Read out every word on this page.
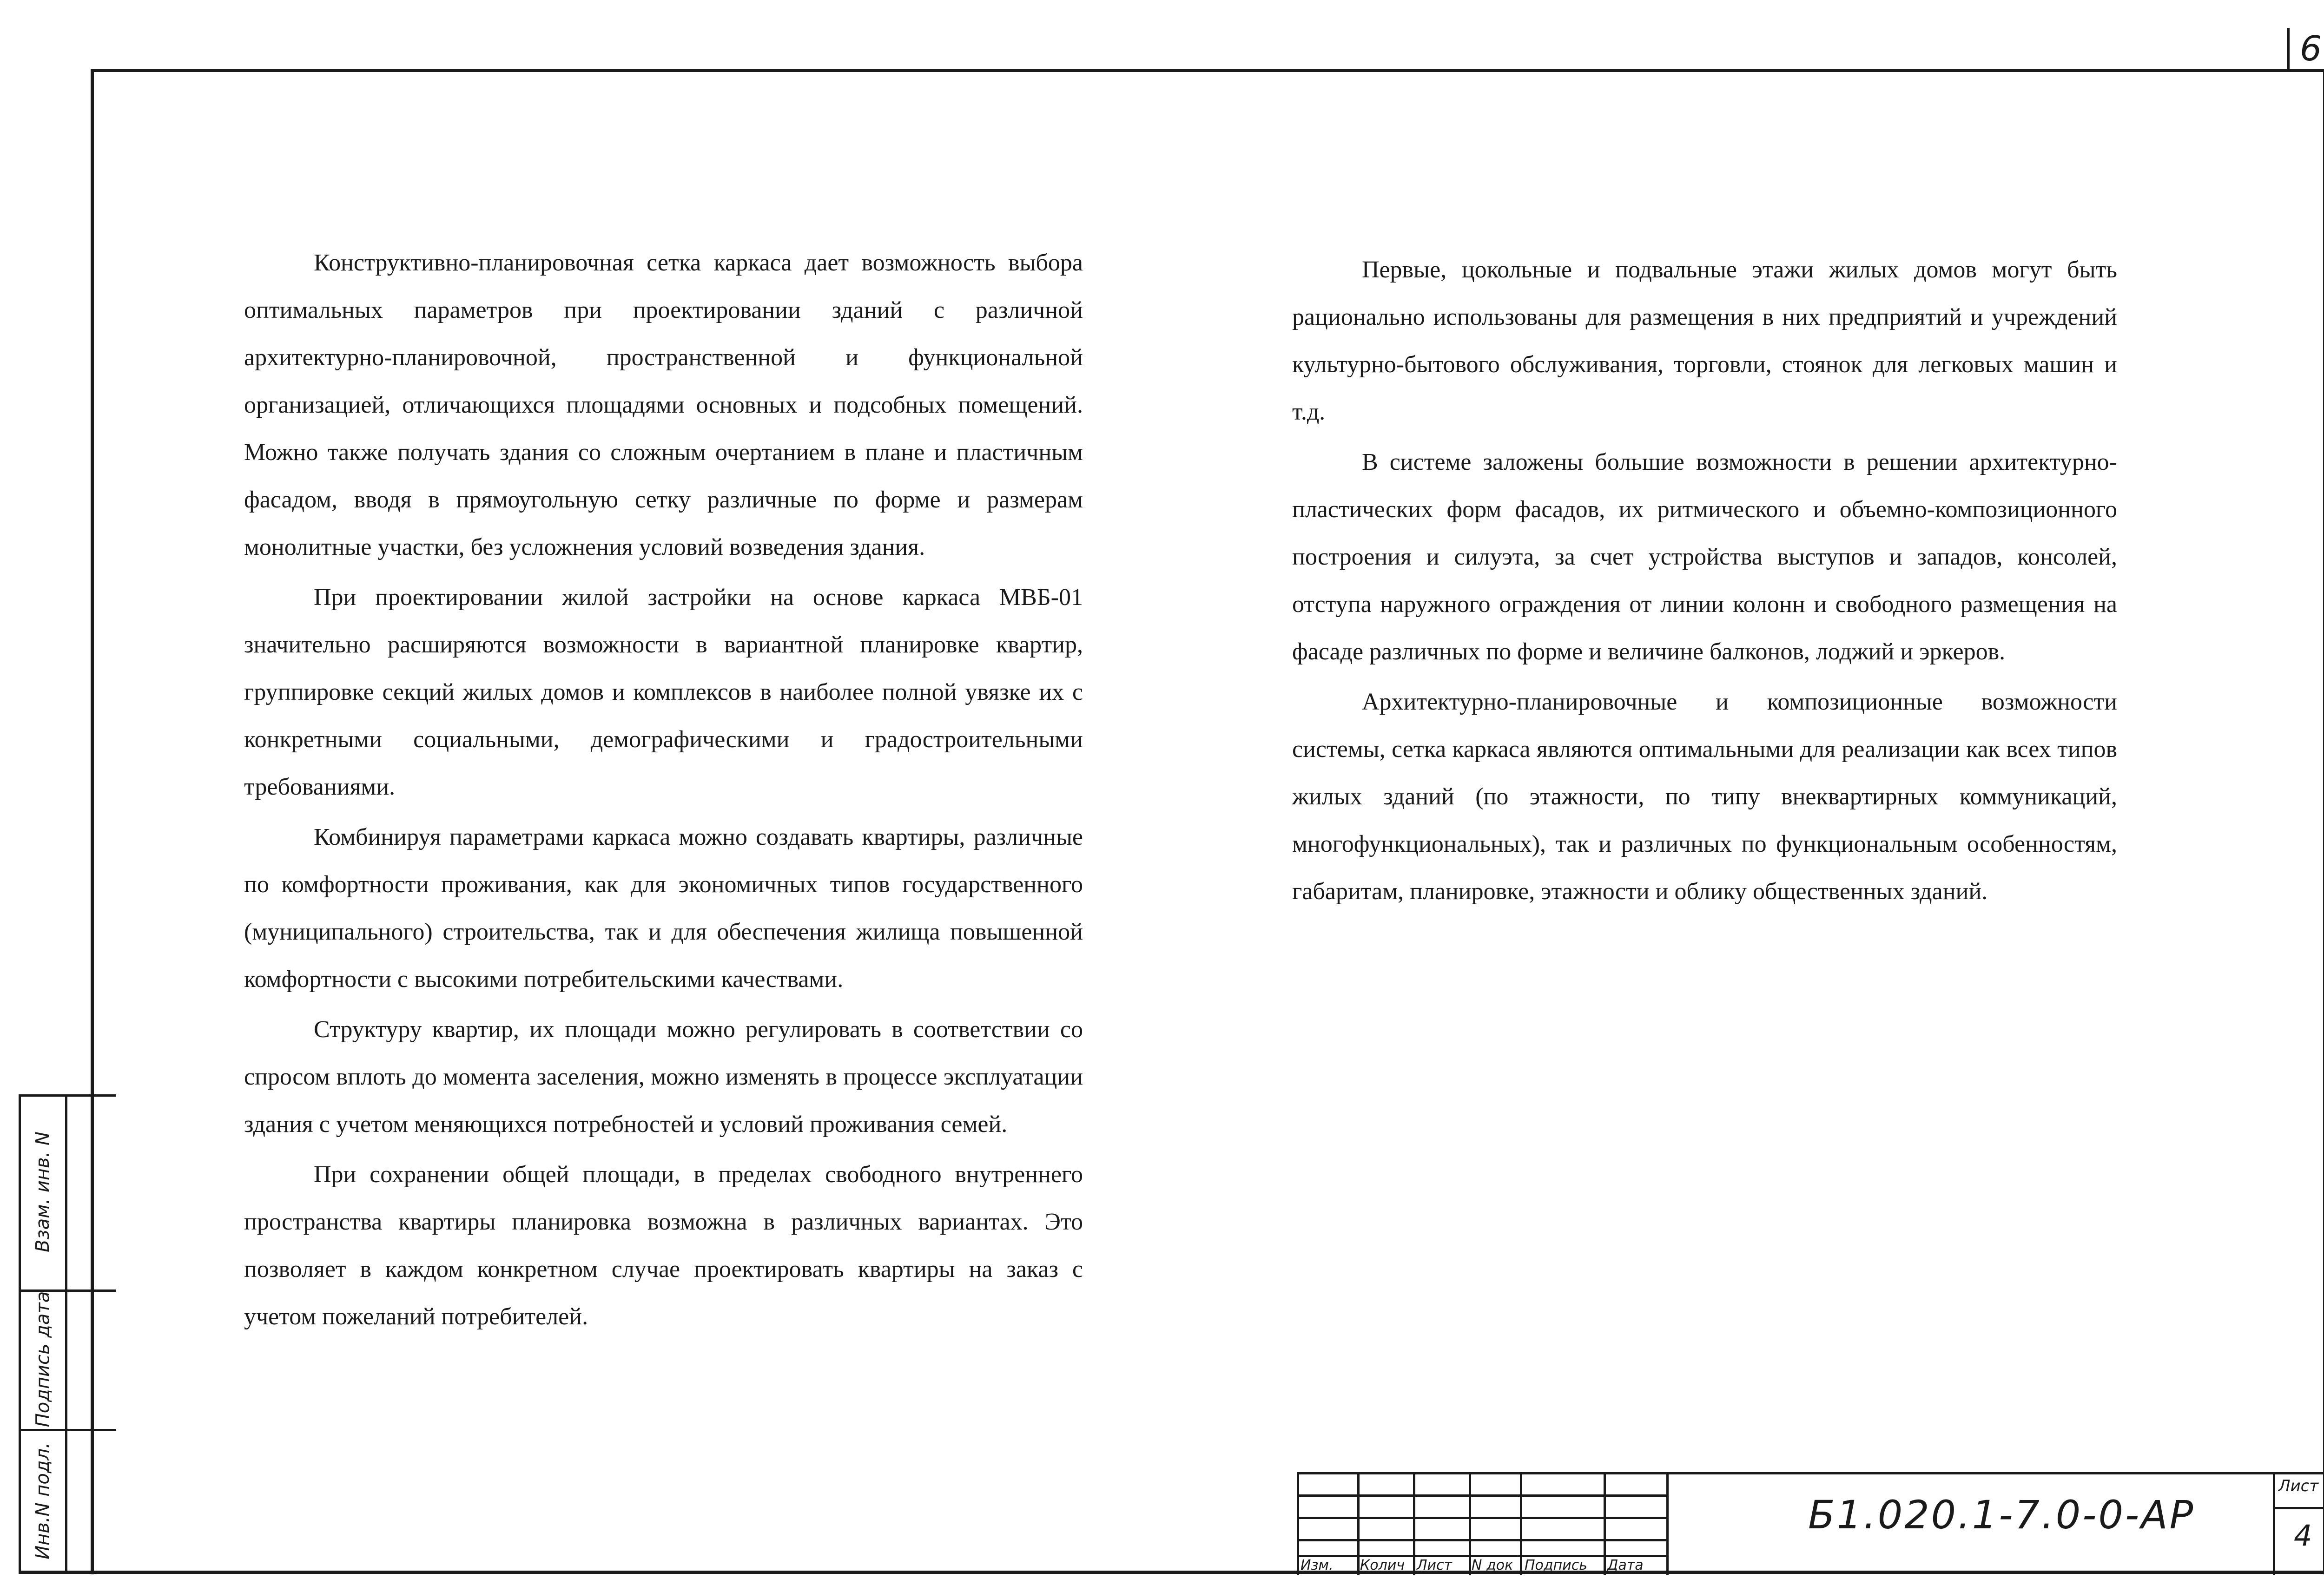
6

Конструктивно-планировочная сетка каркаса дает возможность выбора оптимальных параметров при проектировании зданий с различной архитектурно-планировочной, пространственной и функциональной организацией, отличающихся площадями основных и подсобных помещений. Можно также получать здания со сложным очертанием в плане и пластичным фасадом, вводя в прямоугольную сетку различные по форме и размерам монолитные участки, без усложнения условий возведения здания.

При проектировании жилой застройки на основе каркаса МВБ-01 значительно расширяются возможности в вариантной планировке квартир, группировке секций жилых домов и комплексов в наиболее полной увязке их с конкретными социальными, демографическими и градостроительными требованиями.

Комбинируя параметрами каркаса можно создавать квартиры, различные по комфортности проживания, как для экономичных типов государственного (муниципального) строительства, так и для обеспечения жилища повышенной комфортности с высокими потребительскими качествами.

Структуру квартир, их площади можно регулировать в соответствии со спросом вплоть до момента заселения, можно изменять в процессе эксплуатации здания с учетом меняющихся потребностей и условий проживания семей.

При сохранении общей площади, в пределах свободного внутреннего пространства квартиры планировка возможна в различных вариантах. Это позволяет в каждом конкретном случае проектировать квартиры на заказ с учетом пожеланий потребителей.

Первые, цокольные и подвальные этажи жилых домов могут быть рационально использованы для размещения в них предприятий и учреждений культурно-бытового обслуживания, торговли, стоянок для легковых машин и т.д.

В системе заложены большие возможности в решении архитектурно-пластических форм фасадов, их ритмического и объемно-композиционного построения и силуэта, за счет устройства выступов и западов, консолей, отступа наружного ограждения от линии колонн и свободного размещения на фасаде различных по форме и величине балконов, лоджий и эркеров.

Архитектурно-планировочные и композиционные возможности системы, сетка каркаса являются оптимальными для реализации как всех типов жилых зданий (по этажности, по типу внеквартирных коммуникаций, многофункциональных), так и различных по функциональным особенностям, габаритам, планировке, этажности и облику общественных зданий.

Взам. инв. N
Подпись дата
Инв.N подл.
Изм. Колич Лист N док Подпись Дата
Б1.020.1-7.0-0-АР
Лист
4
